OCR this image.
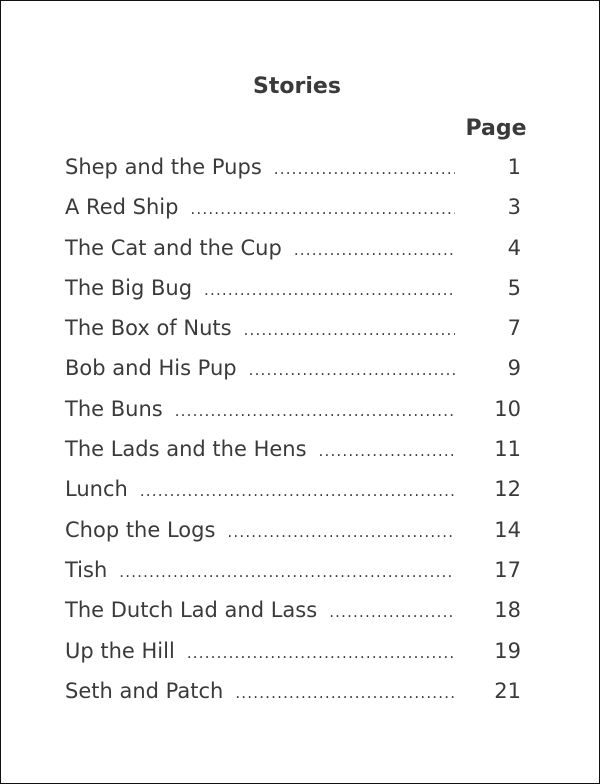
Stories
Page
Shep and the Pups .....	1
A Red Ship .....	3
The Cat and the Cup .....	4
The Big Bug .....	5
The Box of Nuts .....	7
Bob and His Pup .....	9
The Buns .....	10
The Lads and the Hens .....	11
Lunch .....	12
Chop the Logs .....	14
Tish .....	17
The Dutch Lad and Lass .....	18
Up the Hill .....	19
Seth and Patch .....	21
